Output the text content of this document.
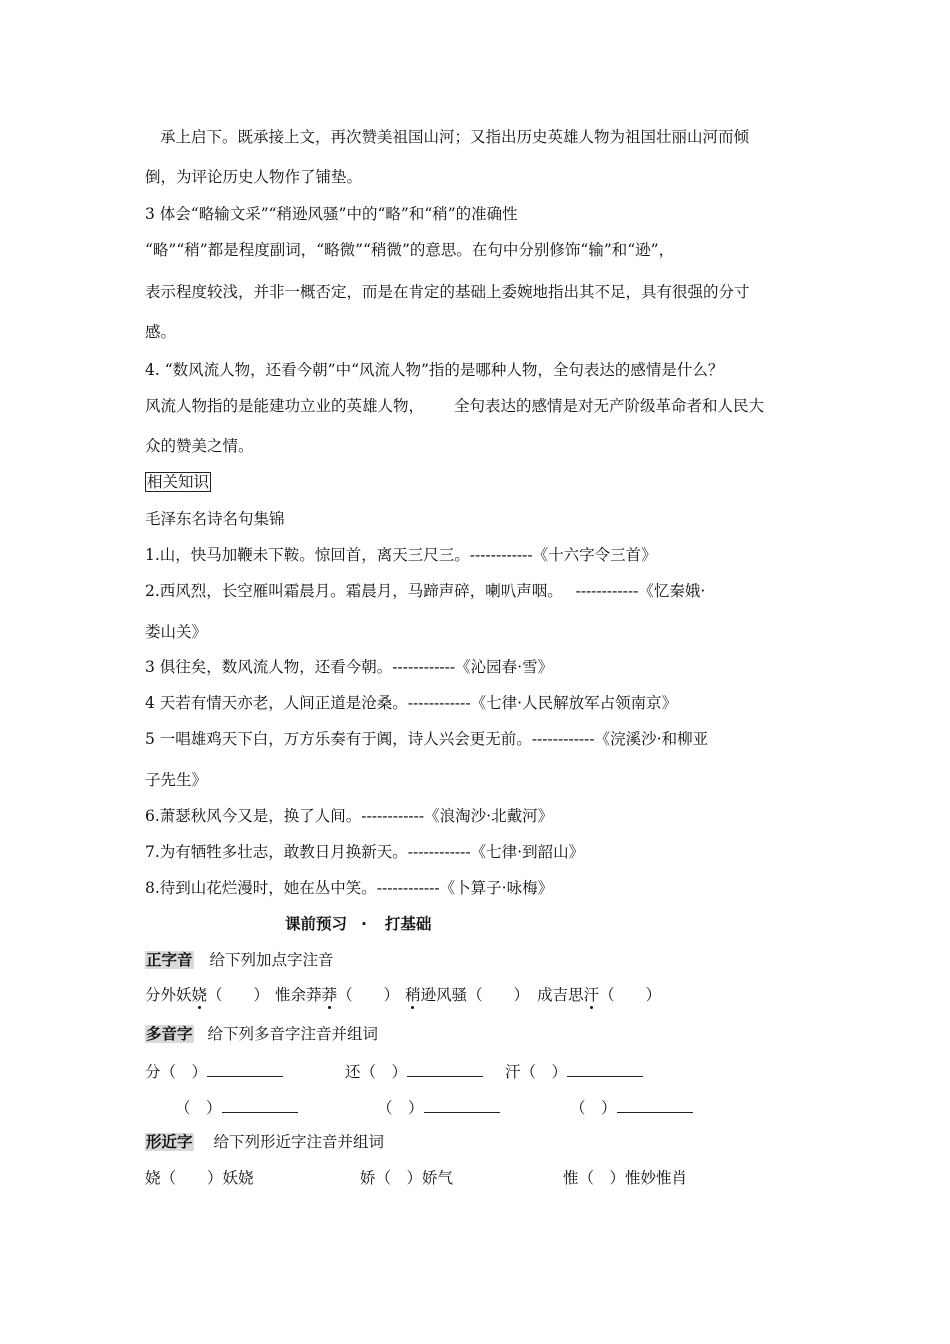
承上启下。既承接上文，再次赞美祖国山河；又指出历史英雄人物为祖国壮丽山河而倾
倒，为评论历史人物作了铺垫。
3 体会“略输文采”“稍逊风骚”中的“略”和“稍”的准确性
“略”“稍”都是程度副词，“略微”“稍微”的意思。在句中分别修饰“输”和“逊”，
表示程度较浅，并非一概否定，而是在肯定的基础上委婉地指出其不足，具有很强的分寸
感。
4. “数风流人物，还看今朝”中“风流人物”指的是哪种人物，全句表达的感情是什么？
风流人物指的是能建功立业的英雄人物， 全句表达的感情是对无产阶级革命者和人民大
众的赞美之情。
相关知识
毛泽东名诗名句集锦
1.山，快马加鞭未下鞍。惊回首，离天三尺三。------------《十六字令三首》
2.西风烈，长空雁叫霜晨月。霜晨月，马蹄声碎，喇叭声咽。　 ------------《忆秦娥·
娄山关》
3 俱往矣，数风流人物，还看今朝。------------《沁园春·雪》
4 天若有情天亦老，人间正道是沧桑。------------《七律·人民解放军占领南京》
5 一唱雄鸡天下白，万方乐奏有于阗，诗人兴会更无前。------------《浣溪沙·和柳亚
子先生》
6.萧瑟秋风今又是，换了人间。------------《浪淘沙·北戴河》
7.为有牺牲多壮志，敢教日月换新天。------------《七律·到韶山》
8.待到山花烂漫时，她在丛中笑。------------《卜算子·咏梅》
课前预习 · 打基础
正字音 给下列加点字注音
分外妖娆（　　） 惟余莽莽（　　） 稍逊风骚（　　） 成吉思汗（　　）
多音字 给下列多音字注音并组词
分（　）	还（　）	汗（　）
（　）	（　）	（　）
形近字 给下列形近字注音并组词
娆（　　）妖娆	娇（　）娇气	惟（　）惟妙惟肖
